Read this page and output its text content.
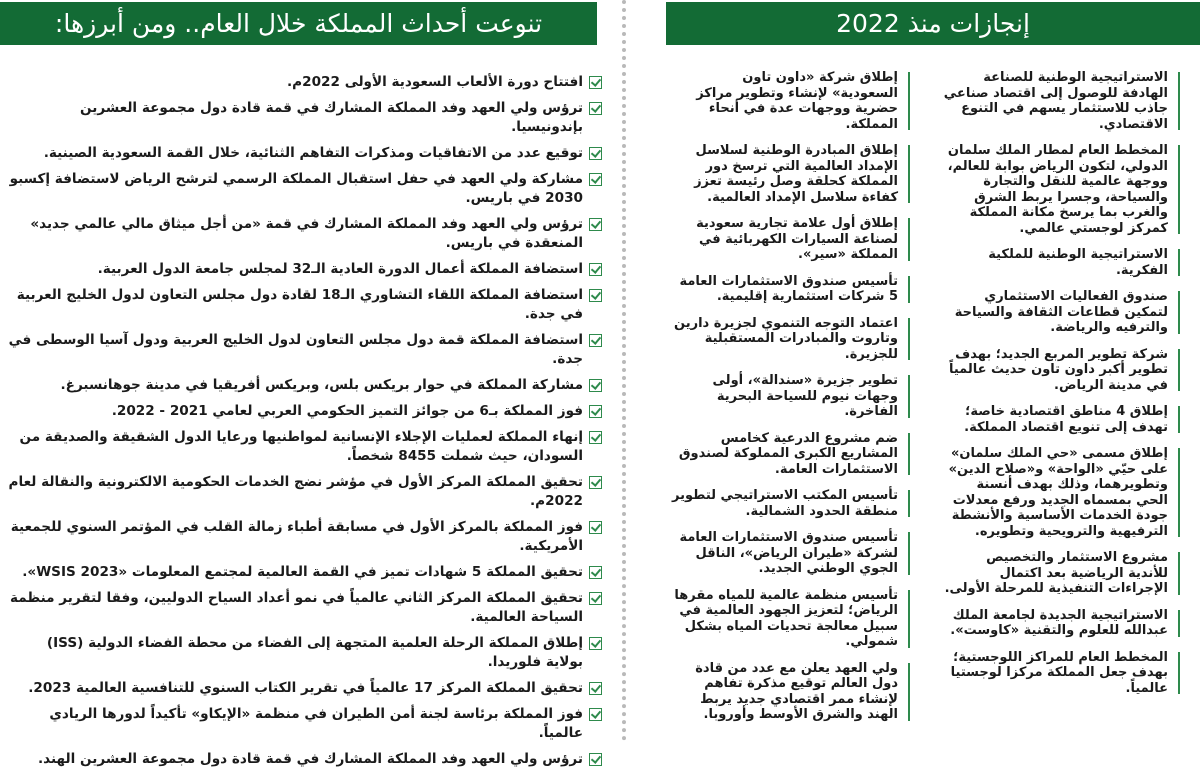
تنوعت أحداث المملكة خلال العام.. ومن أبرزها:	إنجازات منذ 2022
افتتاح دورة الألعاب السعودية الأولى 2022م.
ترؤس ولي العهد وفد المملكة المشارك في قمة قادة دول مجموعة العشرين بإندونيسيا.
توقيع عدد من الاتفاقيات ومذكرات التفاهم الثنائية، خلال القمة السعودية الصينية.
مشاركة ولي العهد في حفل استقبال المملكة الرسمي لترشح الرياض لاستضافة إكسبو 2030 في باريس.
ترؤس ولي العهد وفد المملكة المشارك في قمة «من أجل ميثاق مالي عالمي جديد» المنعقدة في باريس.
استضافة المملكة أعمال الدورة العادية الـ32 لمجلس جامعة الدول العربية.
استضافة المملكة اللقاء التشاوري الـ18 لقادة دول مجلس التعاون لدول الخليج العربية في جدة.
استضافة المملكة قمة دول مجلس التعاون لدول الخليج العربية ودول آسيا الوسطى في جدة.
مشاركة المملكة في حوار بريكس بلس، وبريكس أفريقيا في مدينة جوهانسبرغ.
فوز المملكة بـ6 من جوائز التميز الحكومي العربي لعامي 2021 - 2022.
إنهاء المملكة لعمليات الإجلاء الإنسانية لمواطنيها ورعايا الدول الشقيقة والصديقة من السودان، حيث شملت 8455 شخصاً.
تحقيق المملكة المركز الأول في مؤشر نضج الخدمات الحكومية الالكترونية والنقالة لعام 2022م.
فوز المملكة بالمركز الأول في مسابقة أطباء زمالة القلب في المؤتمر السنوي للجمعية الأمريكية.
تحقيق المملكة 5 شهادات تميز في القمة العالمية لمجتمع المعلومات «WSIS 2023».
تحقيق المملكة المركز الثاني عالمياً في نمو أعداد السياح الدوليين، وفقا لتقرير منظمة السياحة العالمية.
إطلاق المملكة الرحلة العلمية المتجهة إلى الفضاء من محطة الفضاء الدولية (ISS) بولاية فلوريدا.
تحقيق المملكة المركز 17 عالمياً في تقرير الكتاب السنوي للتنافسية العالمية 2023.
فوز المملكة برئاسة لجنة أمن الطيران في منظمة «الإيكاو» تأكيداً لدورها الريادي عالمياً.
ترؤس ولي العهد وفد المملكة المشارك في قمة قادة دول مجموعة العشرين الهند.
الاستراتيجية الوطنية للصناعة الهادفة للوصول إلى اقتصاد صناعي جاذب للاستثمار يسهم في التنوع الاقتصادي.
المخطط العام لمطار الملك سلمان الدولي، لتكون الرياض بوابة للعالم، ووجهة عالمية للنقل والتجارة والسياحة، وجسرا يربط الشرق والغرب بما يرسخ مكانة المملكة كمركز لوجستي عالمي.
الاستراتيجية الوطنية للملكية الفكرية.
صندوق الفعاليات الاستثماري لتمكين قطاعات الثقافة والسياحة والترفيه والرياضة.
شركة تطوير المربع الجديد؛ بهدف تطوير أكبر داون تاون حديث عالمياً في مدينة الرياض.
إطلاق 4 مناطق اقتصادية خاصة؛ تهدف إلى تنويع اقتصاد المملكة.
إطلاق مسمى «حي الملك سلمان» على حيّي «الواحة» و«صلاح الدين» وتطويرهما، وذلك بهدف أنسنة الحي بمسماه الجديد ورفع معدلات جودة الخدمات الأساسية والأنشطة الترفيهية والترويحية وتطويره.
مشروع الاستثمار والتخصيص للأندية الرياضية بعد اكتمال الإجراءات التنفيذية للمرحلة الأولى.
الاستراتيجية الجديدة لجامعة الملك عبدالله للعلوم والتقنية «كاوست».
المخطط العام للمراكز اللوجستية؛ بهدف جعل المملكة مركزا لوجستيا عالمياً.
إطلاق شركة «داون تاون السعودية» لإنشاء وتطوير مراكز حضرية ووجهات عدة في أنحاء المملكة.
إطلاق المبادرة الوطنية لسلاسل الإمداد العالمية التي ترسخ دور المملكة كحلقة وصل رئيسة تعزز كفاءة سلاسل الإمداد العالمية.
إطلاق أول علامة تجارية سعودية لصناعة السيارات الكهربائية في المملكة «سير».
تأسيس صندوق الاستثمارات العامة 5 شركات استثمارية إقليمية.
اعتماد التوجه التنموي لجزيرة دارين وتاروت والمبادرات المستقبلية للجزيرة.
تطوير جزيرة «سندالة»، أولى وجهات نيوم للسياحة البحرية الفاخرة.
ضم مشروع الدرعية كخامس المشاريع الكبرى المملوكة لصندوق الاستثمارات العامة.
تأسيس المكتب الاستراتيجي لتطوير منطقة الحدود الشمالية.
تأسيس صندوق الاستثمارات العامة لشركة «طيران الرياض»، الناقل الجوي الوطني الجديد.
تأسيس منظمة عالمية للمياه مقرها الرياض؛ لتعزيز الجهود العالمية في سبيل معالجة تحديات المياه بشكل شمولي.
ولي العهد يعلن مع عدد من قادة دول العالم توقيع مذكرة تفاهم لإنشاء ممر اقتصادي جديد يربط الهند والشرق الأوسط وأوروبا.
